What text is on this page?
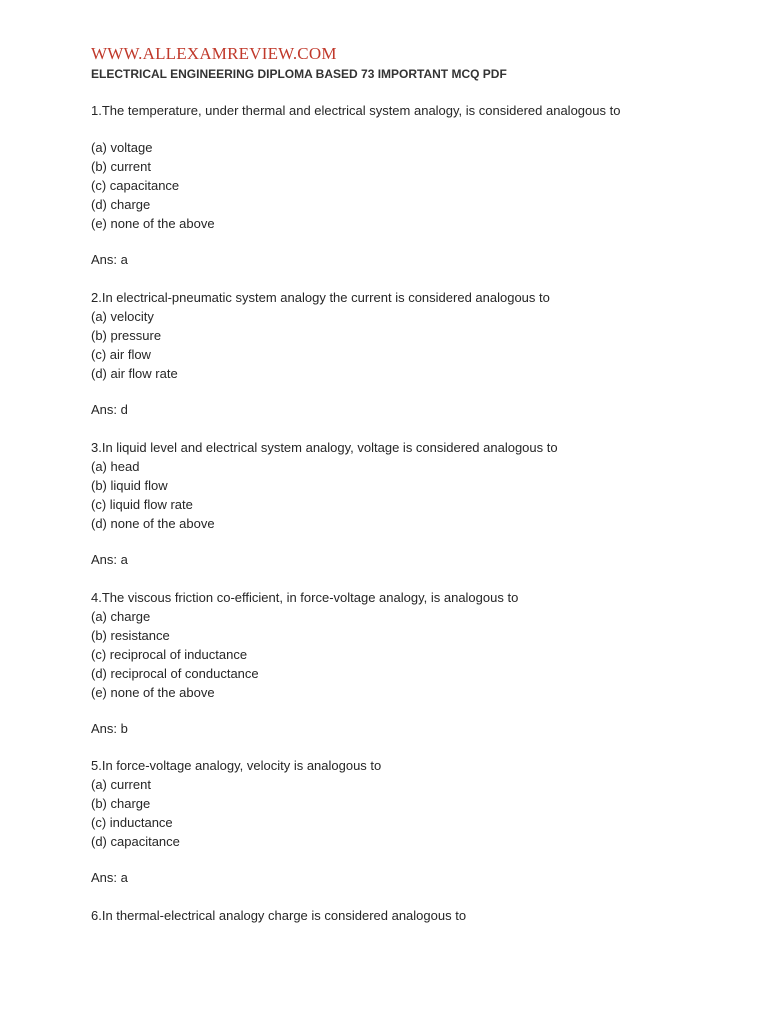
WWW.ALLEXAMREVIEW.COM
ELECTRICAL ENGINEERING DIPLOMA BASED 73 IMPORTANT MCQ PDF
1.The temperature, under thermal and electrical system analogy, is considered analogous to
(a) voltage
(b) current
(c) capacitance
(d) charge
(e) none of the above
Ans: a
2.In electrical-pneumatic system analogy the current is considered analogous to
(a) velocity
(b) pressure
(c) air flow
(d) air flow rate
Ans: d
3.In liquid level and electrical system analogy, voltage is considered analogous to
(a) head
(b) liquid flow
(c) liquid flow rate
(d) none of the above
Ans: a
4.The viscous friction co-efficient, in force-voltage analogy, is analogous to
(a) charge
(b) resistance
(c) reciprocal of inductance
(d) reciprocal of conductance
(e) none of the above
Ans: b
5.In force-voltage analogy, velocity is analogous to
(a) current
(b) charge
(c) inductance
(d) capacitance
Ans: a
6.In thermal-electrical analogy charge is considered analogous to
